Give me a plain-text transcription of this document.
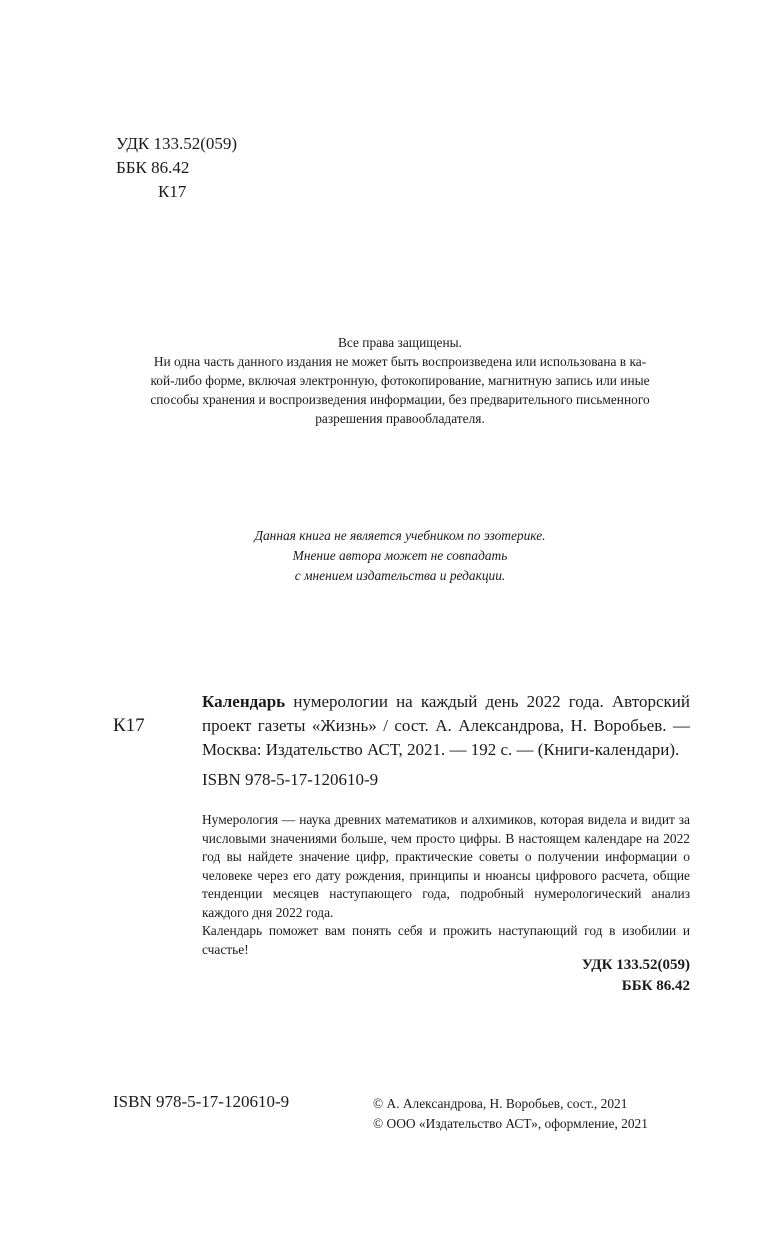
УДК 133.52(059)
ББК 86.42
К17

Все права защищены.

Ни одна часть данного издания не может быть воспроизведена или использована в ка-

кой-либо форме, включая электронную, фотокопирование, магнитную запись или иные

способы хранения и воспроизведения информации, без предварительного письменного

разрешения правообладателя.

Данная книга не является учебником по эзотерике.

Мнение автора может не совпадать

с мнением издательства и редакции.

К17

Календарь нумерологии на каждый день 2022 года. Авторский проект газеты «Жизнь» / сост. А. Александрова, Н. Воробьев. — Москва: Издательство АСТ, 2021. — 192 с. — (Книги-календари).

ISBN 978-5-17-120610-9

Нумерология — наука древних математиков и алхимиков, которая видела и видит за числовыми значениями больше, чем просто цифры. В настоящем календаре на 2022 год вы найдете значение цифр, практические советы о получении информации о человеке через его дату рождения, принципы и нюансы цифрового расчета, общие тенденции месяцев наступающего года, подробный нумерологический анализ каждого дня 2022 года.

Календарь поможет вам понять себя и прожить наступающий год в изобилии и счастье!

УДК 133.52(059)
ББК 86.42
ISBN 978-5-17-120610-9	© А. Александрова, Н. Воробьев, сост., 2021
© ООО «Издательство АСТ», оформление, 2021
